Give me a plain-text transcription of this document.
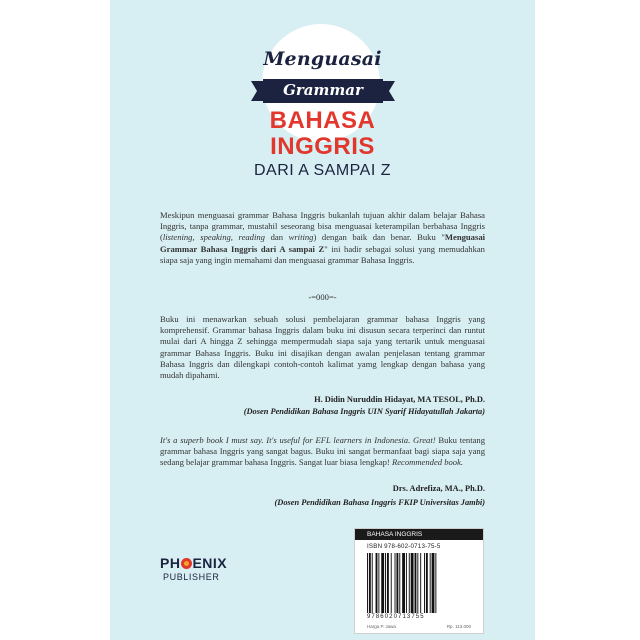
Menguasai
Grammar
BAHASA
INGGRIS
DARI A SAMPAI Z
Meskipun menguasai grammar Bahasa Inggris bukanlah tujuan akhir dalam belajar Bahasa Inggris, tanpa grammar, mustahil seseorang bisa menguasai keterampilan berbahasa Inggris (listening, speaking, reading dan writing) dengan baik dan benar. Buku "Menguasai Grammar Bahasa Inggris dari A sampai Z" ini hadir sebagai solusi yang memudahkan siapa saja yang ingin memahami dan menguasai grammar Bahasa Inggris.
-=000=-
Buku ini menawarkan sebuah solusi pembelajaran grammar bahasa Inggris yang komprehensif. Grammar bahasa Inggris dalam buku ini disusun secara terperinci dan runtut mulai dari A hingga Z sehingga mempermudah siapa saja yang tertarik untuk menguasai grammar Bahasa Inggris. Buku ini disajikan dengan awalan penjelasan tentang grammar Bahasa Inggris dan dilengkapi contoh-contoh kalimat yamg lengkap dengan bahasa yang mudah dipahami.
H. Didin Nuruddin Hidayat, MA TESOL, Ph.D.
(Dosen Pendidikan Bahasa Inggris UIN Syarif Hidayatullah Jakarta)
It's a superb book I must say. It's useful for EFL learners in Indonesia. Great! Buku tentang grammar bahasa Inggris yang sangat bagus. Buku ini sangat bermanfaat bagi siapa saja yang sedang belajar grammar bahasa Inggris. Sangat luar biasa lengkap! Recommended book.
Drs. Adrefiza, MA., Ph.D.
(Dosen Pendidikan Bahasa Inggris FKIP Universitas Jambi)
PH ENIX
PUBLISHER
BAHASA INGGRIS
ISBN 978-602-0713-75-5
9786020713755
Harga P. Jawa	Rp. 113.000
